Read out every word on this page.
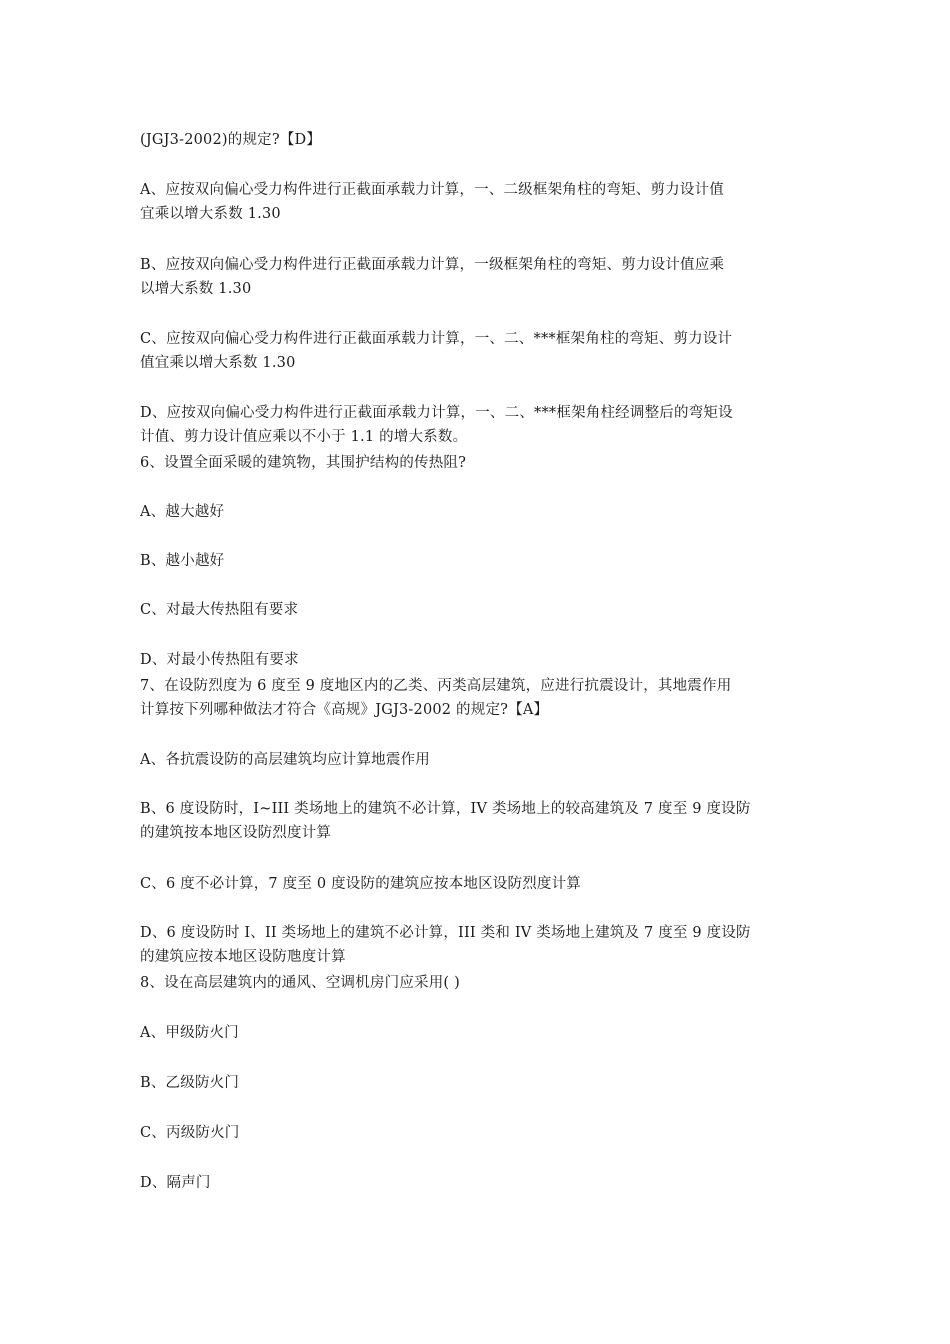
(JGJ3-2002)的规定?【D】
A、应按双向偏心受力构件进行正截面承载力计算，一、二级框架角柱的弯矩、剪力设计值
宜乘以增大系数 1.30
B、应按双向偏心受力构件进行正截面承载力计算，一级框架角柱的弯矩、剪力设计值应乘
以增大系数 1.30
C、应按双向偏心受力构件进行正截面承载力计算，一、二、***框架角柱的弯矩、剪力设计
值宜乘以增大系数 1.30
D、应按双向偏心受力构件进行正截面承载力计算，一、二、***框架角柱经调整后的弯矩设
计值、剪力设计值应乘以不小于 1.1 的增大系数。
6、设置全面采暖的建筑物，其围护结构的传热阻?
A、越大越好
B、越小越好
C、对最大传热阻有要求
D、对最小传热阻有要求
7、在设防烈度为 6 度至 9 度地区内的乙类、丙类高层建筑，应进行抗震设计，其地震作用
计算按下列哪种做法才符合《高规》JGJ3-2002 的规定?【A】
A、各抗震设防的高层建筑均应计算地震作用
B、6 度设防时，I~III 类场地上的建筑不必计算，IV 类场地上的较高建筑及 7 度至 9 度设防
的建筑按本地区设防烈度计算
C、6 度不必计算，7 度至 0 度设防的建筑应按本地区设防烈度计算
D、6 度设防时 I、II 类场地上的建筑不必计算，III 类和 IV 类场地上建筑及 7 度至 9 度设防
的建筑应按本地区设防虺度计算
8、设在高层建筑内的通风、空调机房门应采用( )
A、甲级防火门
B、乙级防火门
C、丙级防火门
D、隔声门
